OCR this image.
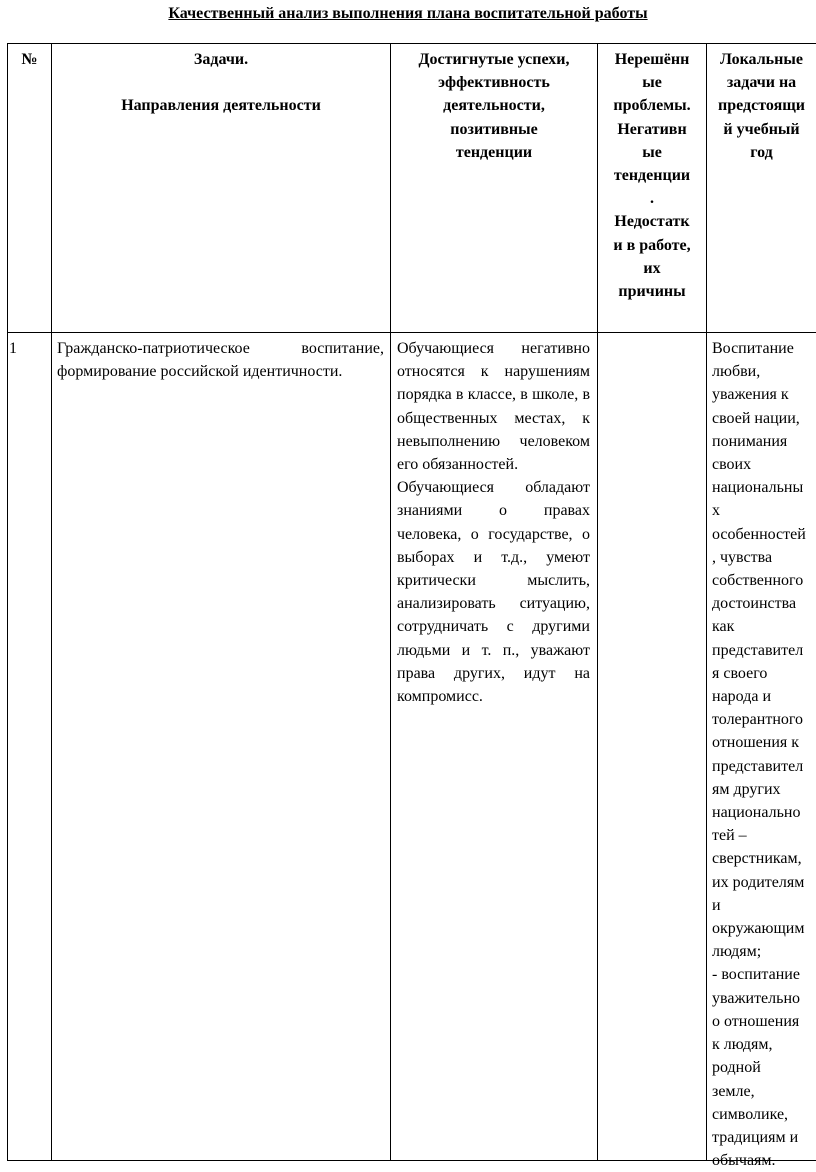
Качественный анализ выполнения плана воспитательной работы
№	Задачи.

Направления деятельности

Достигнутые успехи,
эффективность
деятельности,
позитивные
тенденции
Нерешённ
ые
проблемы.
Негативн
ые
тенденции
.
Недостатк
и в работе,
их
причины
Локальные
задачи на
предстоящи
й учебный
год
1	Гражданско-патриотическое воспитание, формирование российской идентичности.

Обучающиеся негативно относятся к нарушениям порядка в классе, в школе, в общественных местах, к невыполнению человеком его обязанностей.

Обучающиеся обладают знаниями о правах человека, о государстве, о выборах и т.д., умеют критически мыслить, анализировать ситуацию, сотрудничать с другими людьми и т. п., уважают права других, идут на компромисс.

Воспитание
любви,
уважения к
своей нации,
понимания
своих
национальны
х
особенностей
, чувства
собственного
достоинства
как
представител
я своего
народа и
толерантного
отношения к
представител
ям других
национально
тей –
сверстникам,
их родителям
и
окружающим
людям;
- воспитание
уважительно
о отношения
к людям,
родной
земле,
символике,
традициям и
обычаям.
